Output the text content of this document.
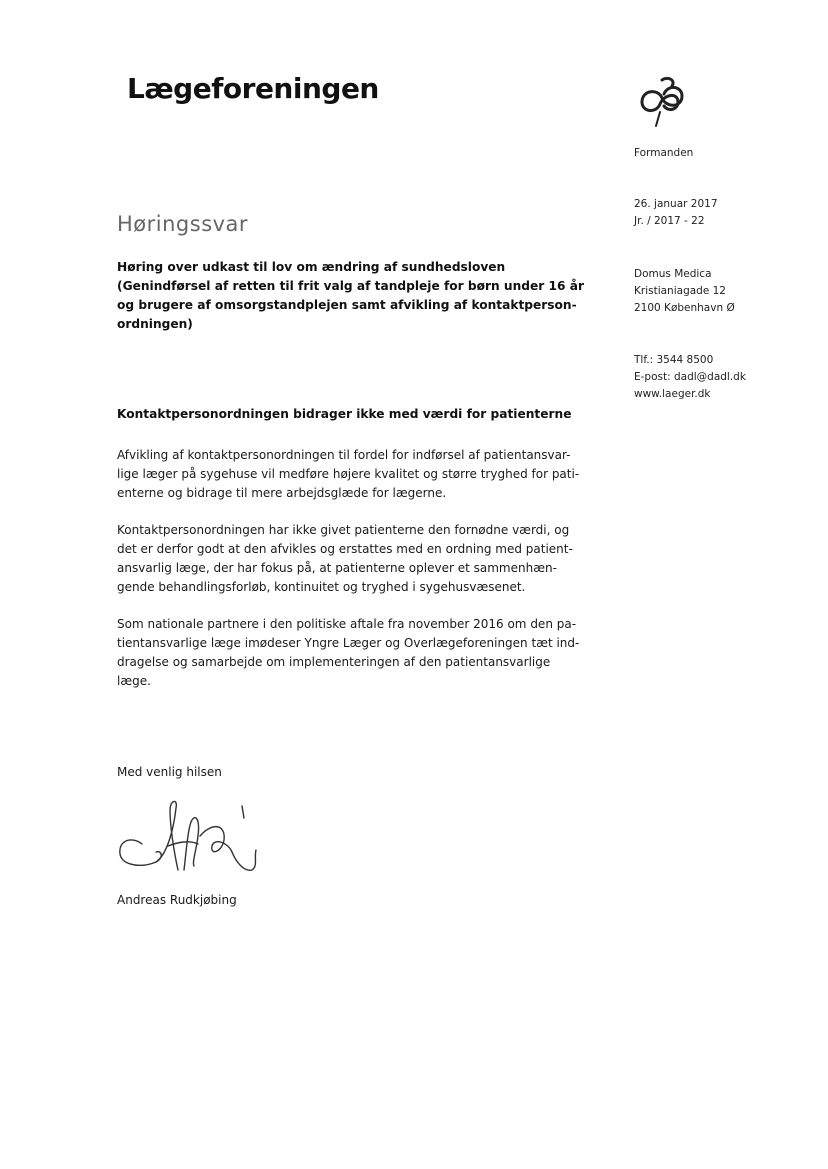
Lægeforeningen
Formanden
26. januar 2017
Jr. / 2017 - 22
Domus Medica
Kristianiagade 12
2100 København Ø
Tlf.: 3544 8500
E-post: dadl@dadl.dk
www.laeger.dk
Høringssvar
Høring over udkast til lov om ændring af sundhedsloven
(Genindførsel af retten til frit valg af tandpleje for børn under 16 år
og brugere af omsorgstandplejen samt afvikling af kontaktperson-
ordningen)
Kontaktpersonordningen bidrager ikke med værdi for patienterne
Afvikling af kontaktpersonordningen til fordel for indførsel af patientansvar-
lige læger på sygehuse vil medføre højere kvalitet og større tryghed for pati-
enterne og bidrage til mere arbejdsglæde for lægerne.
Kontaktpersonordningen har ikke givet patienterne den fornødne værdi, og
det er derfor godt at den afvikles og erstattes med en ordning med patient-
ansvarlig læge, der har fokus på, at patienterne oplever et sammenhæn-
gende behandlingsforløb, kontinuitet og tryghed i sygehusvæsenet.
Som nationale partnere i den politiske aftale fra november 2016 om den pa-
tientansvarlige læge imødeser Yngre Læger og Overlægeforeningen tæt ind-
dragelse og samarbejde om implementeringen af den patientansvarlige
læge.
Med venlig hilsen
Andreas Rudkjøbing
